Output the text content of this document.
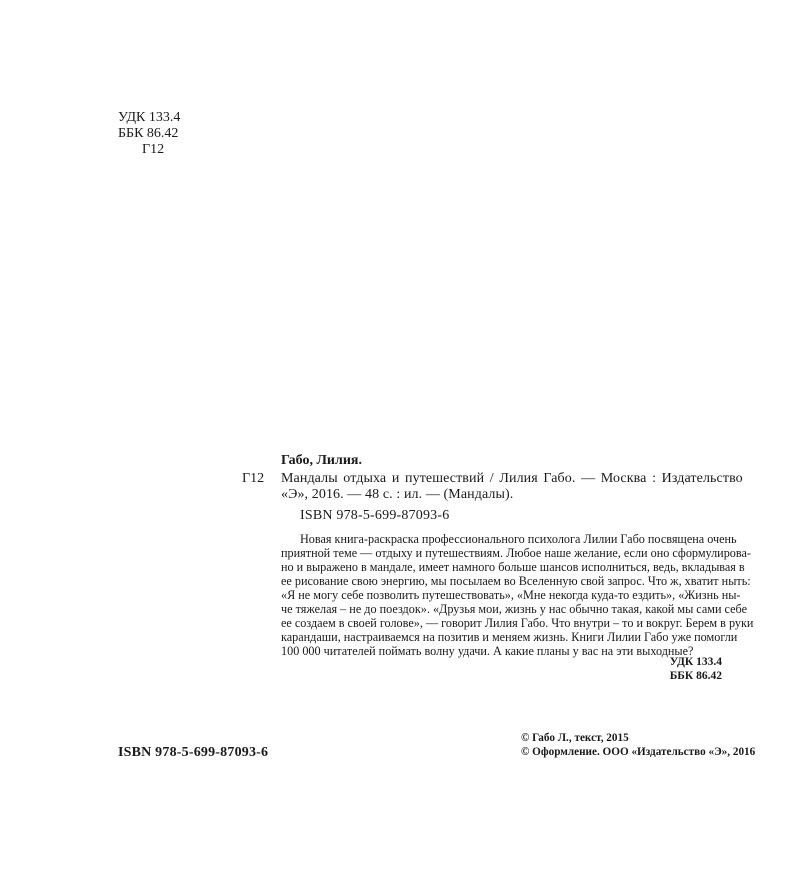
УДК 133.4
ББК 86.42
Г12
Г12
Габо, Лилия.
Мандалы отдыха и путешествий / Лилия Габо. — Москва : Издательство
«Э», 2016. — 48 с. : ил. — (Мандалы).
ISBN 978-5-699-87093-6
Новая книга-раскраска профессионального психолога Лилии Габо посвящена очень
приятной теме — отдыху и путешествиям. Любое наше желание, если оно сформулирова-
но и выражено в мандале, имеет намного больше шансов исполниться, ведь, вкладывая в
ее рисование свою энергию, мы посылаем во Вселенную свой запрос. Что ж, хватит ныть:
«Я не могу себе позволить путешествовать», «Мне некогда куда-то ездить», «Жизнь ны-
че тяжелая – не до поездок». «Друзья мои, жизнь у нас обычно такая, какой мы сами себе
ее создаем в своей голове», — говорит Лилия Габо. Что внутри – то и вокруг. Берем в руки
карандаши, настраиваемся на позитив и меняем жизнь. Книги Лилии Габо уже помогли
100 000 читателей поймать волну удачи. А какие планы у вас на эти выходные?
УДК 133.4
ББК 86.42
ISBN 978-5-699-87093-6
© Габо Л., текст, 2015
© Оформление. ООО «Издательство «Э», 2016
